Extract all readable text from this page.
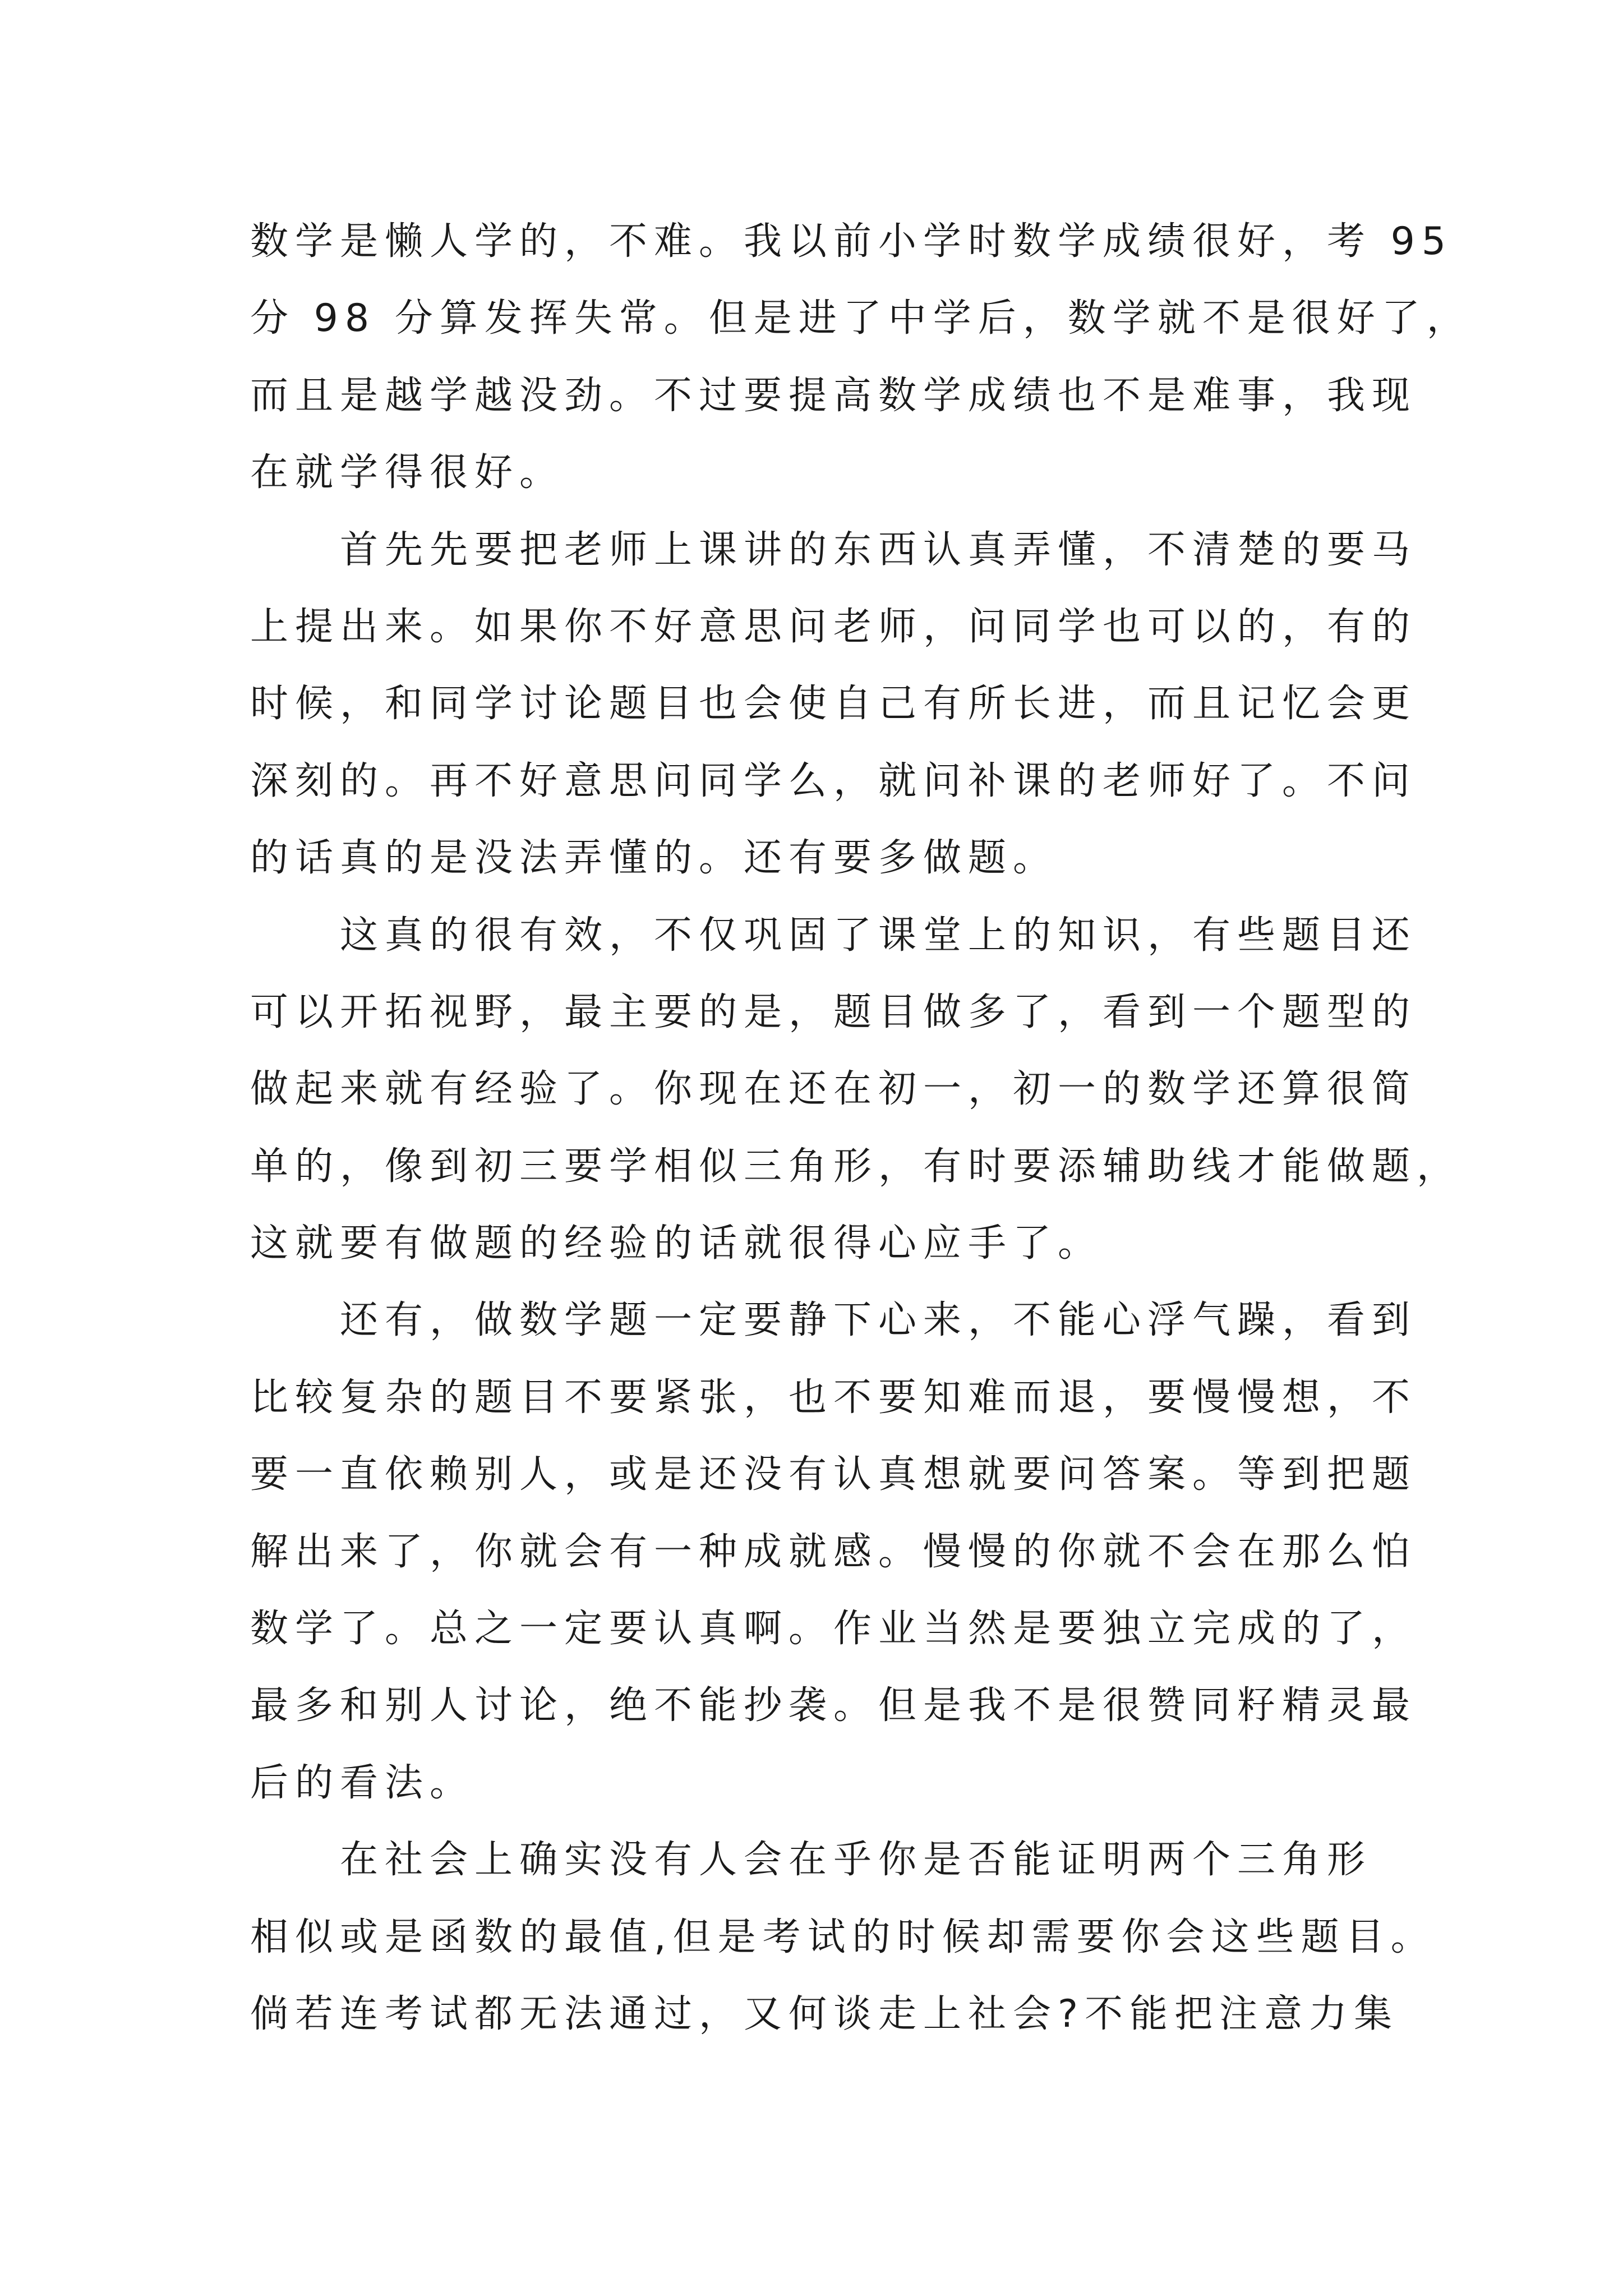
数学是懒人学的，不难。我以前小学时数学成绩很好，考 95
分 98 分算发挥失常。但是进了中学后，数学就不是很好了，
而且是越学越没劲。不过要提高数学成绩也不是难事，我现
在就学得很好。
　　首先先要把老师上课讲的东西认真弄懂，不清楚的要马
上提出来。如果你不好意思问老师，问同学也可以的，有的
时候，和同学讨论题目也会使自己有所长进，而且记忆会更
深刻的。再不好意思问同学么，就问补课的老师好了。不问
的话真的是没法弄懂的。还有要多做题。
　　这真的很有效，不仅巩固了课堂上的知识，有些题目还
可以开拓视野，最主要的是，题目做多了，看到一个题型的
做起来就有经验了。你现在还在初一，初一的数学还算很简
单的，像到初三要学相似三角形，有时要添辅助线才能做题，
这就要有做题的经验的话就很得心应手了。
　　还有，做数学题一定要静下心来，不能心浮气躁，看到
比较复杂的题目不要紧张，也不要知难而退，要慢慢想，不
要一直依赖别人，或是还没有认真想就要问答案。等到把题
解出来了，你就会有一种成就感。慢慢的你就不会在那么怕
数学了。总之一定要认真啊。作业当然是要独立完成的了，
最多和别人讨论，绝不能抄袭。但是我不是很赞同籽精灵最
后的看法。
　　在社会上确实没有人会在乎你是否能证明两个三角形
相似或是函数的最值,但是考试的时候却需要你会这些题目。
倘若连考试都无法通过，又何谈走上社会?不能把注意力集
